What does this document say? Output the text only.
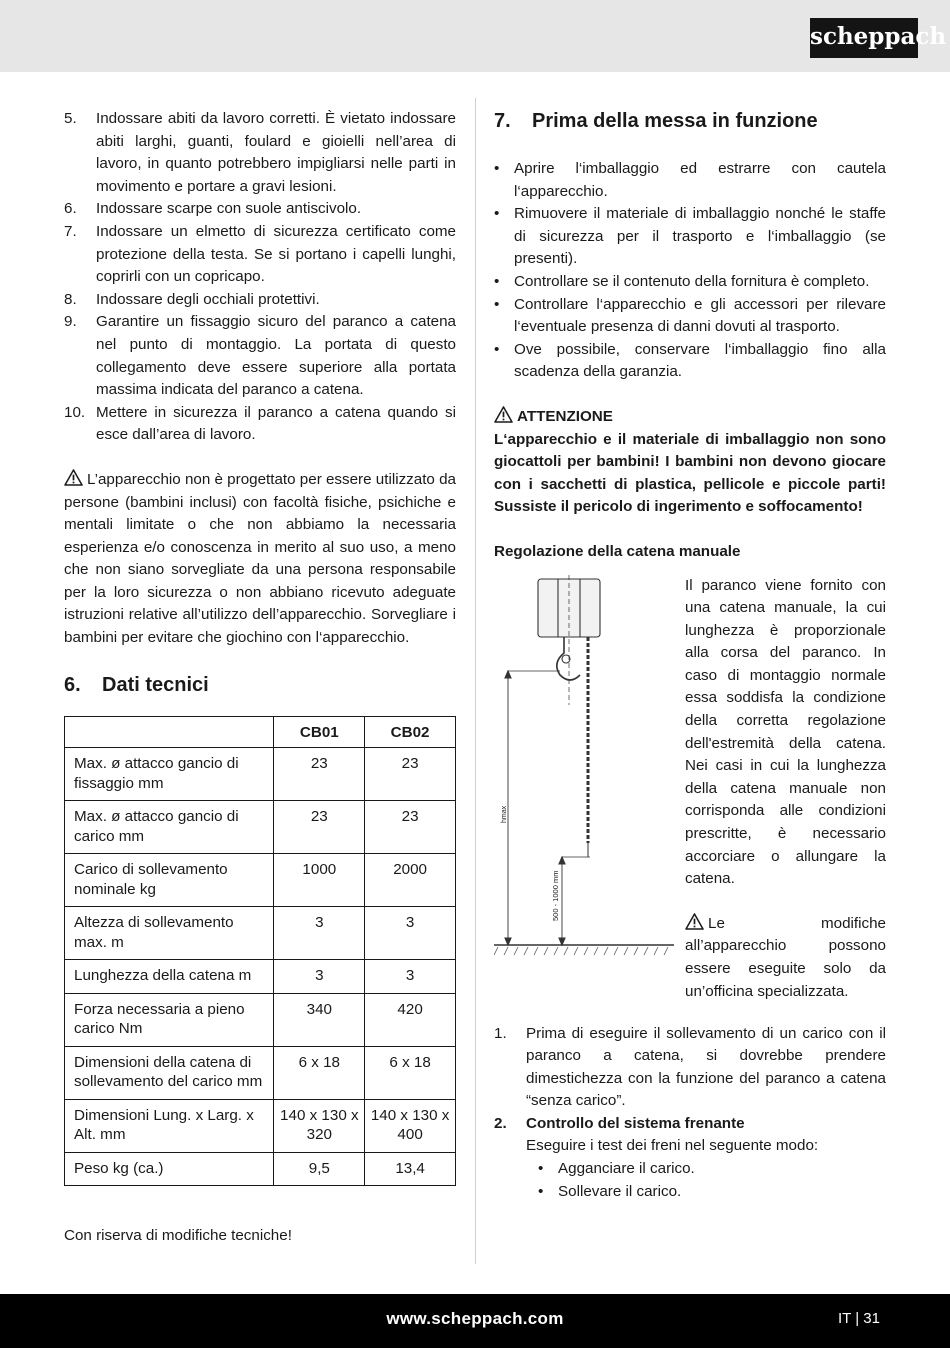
scheppach
5. Indossare abiti da lavoro corretti. È vietato indossare abiti larghi, guanti, foulard e gioielli nell’area di lavoro, in quanto potrebbero impigliarsi nelle parti in movimento e portare a gravi lesioni.
6. Indossare scarpe con suole antiscivolo.
7. Indossare un elmetto di sicurezza certificato come protezione della testa. Se si portano i capelli lunghi, coprirli con un copricapo.
8. Indossare degli occhiali protettivi.
9. Garantire un fissaggio sicuro del paranco a catena nel punto di montaggio. La portata di questo collegamento deve essere superiore alla portata massima indicata del paranco a catena.
10. Mettere in sicurezza il paranco a catena quando si esce dall’area di lavoro.

L’apparecchio non è progettato per essere utilizzato da persone (bambini inclusi) con facoltà fisiche, psichiche e mentali limitate o che non abbiamo la necessaria esperienza e/o conoscenza in merito al suo uso, a meno che non siano sorvegliate da una persona responsabile per la loro sicurezza o non abbiano ricevuto adeguate istruzioni relative all’utilizzo dell’apparecchio. Sorvegliare i bambini per evitare che giochino con l‘apparecchio.

6. Dati tecnici
	CB01	CB02
Max. ø attacco gancio di fissaggio mm	23	23
Max. ø attacco gancio di carico mm	23	23
Carico di sollevamento nominale kg	1000	2000
Altezza di sollevamento max. m	3	3
Lunghezza della catena m	3	3
Forza necessaria a pieno carico Nm	340	420
Dimensioni della catena di sollevamento del carico mm	6 x 18	6 x 18
Dimensioni Lung. x Larg. x Alt. mm	140 x 130 x 320	140 x 130 x 400
Peso kg (ca.)	9,5	13,4

Con riserva di modifiche tecniche!

7. Prima della messa in funzione
• Aprire l‘imballaggio ed estrarre con cautela l‘apparecchio.
• Rimuovere il materiale di imballaggio nonché le staffe di sicurezza per il trasporto e l‘imballaggio (se presenti).
• Controllare se il contenuto della fornitura è completo.
• Controllare l‘apparecchio e gli accessori per rilevare l‘eventuale presenza di danni dovuti al trasporto.
• Ove possibile, conservare l‘imballaggio fino alla scadenza della garanzia.
ATTENZIONE

L‘apparecchio e il materiale di imballaggio non sono giocattoli per bambini! I bambini non devono giocare con i sacchetti di plastica, pellicole e piccole parti! Sussiste il pericolo di ingerimento e soffocamento!

Regolazione della catena manuale

hmax
500 - 1000 mm

Il paranco viene fornito con una catena manuale, la cui lunghezza è proporzionale alla corsa del paranco. In caso di montaggio normale essa soddisfa la condizione della corretta regolazione dell'estremità della catena. Nei casi in cui la lunghezza della catena manuale non corrisponda alle condizioni prescritte, è necessario accorciare o allungare la catena.

Le modifiche all’apparecchio possono essere eseguite solo da un’officina specializzata.

1. Prima di eseguire il sollevamento di un carico con il paranco a catena, si dovrebbe prendere dimestichezza con la funzione del paranco a catena “senza carico”.
2. Controllo del sistema frenante
Eseguire i test dei freni nel seguente modo:
• Agganciare il carico.
• Sollevare il carico.
www.scheppach.com	IT | 31
